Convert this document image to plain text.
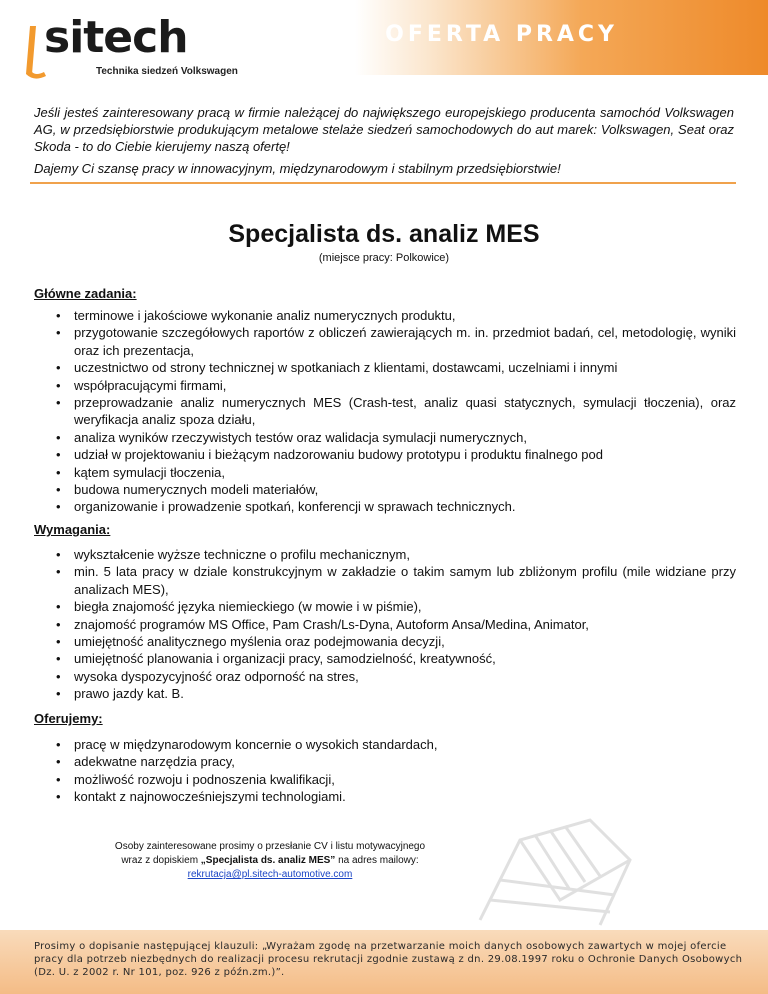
OFERTA PRACY
sitech
Technika siedzeń Volkswagen

Jeśli jesteś zainteresowany pracą w firmie należącej do największego europejskiego producenta samochód Volkswagen AG, w przedsiębiorstwie produkującym metalowe stelaże siedzeń samochodowych do aut marek: Volkswagen, Seat oraz Skoda - to do Ciebie kierujemy naszą ofertę!

Dajemy Ci szansę pracy w innowacyjnym, międzynarodowym i stabilnym przedsiębiorstwie!

Specjalista ds. analiz MES
(miejsce pracy: Polkowice)
Główne zadania:
• terminowe i jakościowe wykonanie analiz numerycznych produktu,
• przygotowanie szczegółowych raportów z obliczeń zawierających m. in. przedmiot badań, cel, metodologię, wyniki oraz ich prezentacja,
• uczestnictwo od strony technicznej w spotkaniach z klientami, dostawcami, uczelniami i innymi
• współpracującymi firmami,
• przeprowadzanie analiz numerycznych MES (Crash-test, analiz quasi statycznych, symulacji tłoczenia), oraz weryfikacja analiz spoza działu,
• analiza wyników rzeczywistych testów oraz walidacja symulacji numerycznych,
• udział w projektowaniu i bieżącym nadzorowaniu budowy prototypu i produktu finalnego pod
• kątem symulacji tłoczenia,
• budowa numerycznych modeli materiałów,
• organizowanie i prowadzenie spotkań, konferencji w sprawach technicznych.
Wymagania:
• wykształcenie wyższe techniczne o profilu mechanicznym,
• min. 5 lata pracy w dziale konstrukcyjnym w zakładzie o takim samym lub zbliżonym profilu (mile widziane przy analizach MES),
• biegła znajomość języka niemieckiego (w mowie i w piśmie),
• znajomość programów MS Office, Pam Crash/Ls-Dyna, Autoform Ansa/Medina, Animator,
• umiejętność analitycznego myślenia oraz podejmowania decyzji,
• umiejętność planowania i organizacji pracy, samodzielność, kreatywność,
• wysoka dyspozycyjność oraz odporność na stres,
• prawo jazdy kat. B.
Oferujemy:
• pracę w międzynarodowym koncernie o wysokich standardach,
• adekwatne narzędzia pracy,
• możliwość rozwoju i podnoszenia kwalifikacji,
• kontakt z najnowocześniejszymi technologiami.
Osoby zainteresowane prosimy o przesłanie CV i listu motywacyjnego
wraz z dopiskiem „Specjalista ds. analiz MES” na adres mailowy:
rekrutacja@pl.sitech-automotive.com

Prosimy o dopisanie następującej klauzuli: „Wyrażam zgodę na przetwarzanie moich danych osobowych zawartych w mojej ofercie pracy dla potrzeb niezbędnych do realizacji procesu rekrutacji zgodnie zustawą z dn. 29.08.1997 roku o Ochronie Danych Osobowych (Dz. U. z 2002 r. Nr 101, poz. 926 z późn.zm.)”.
